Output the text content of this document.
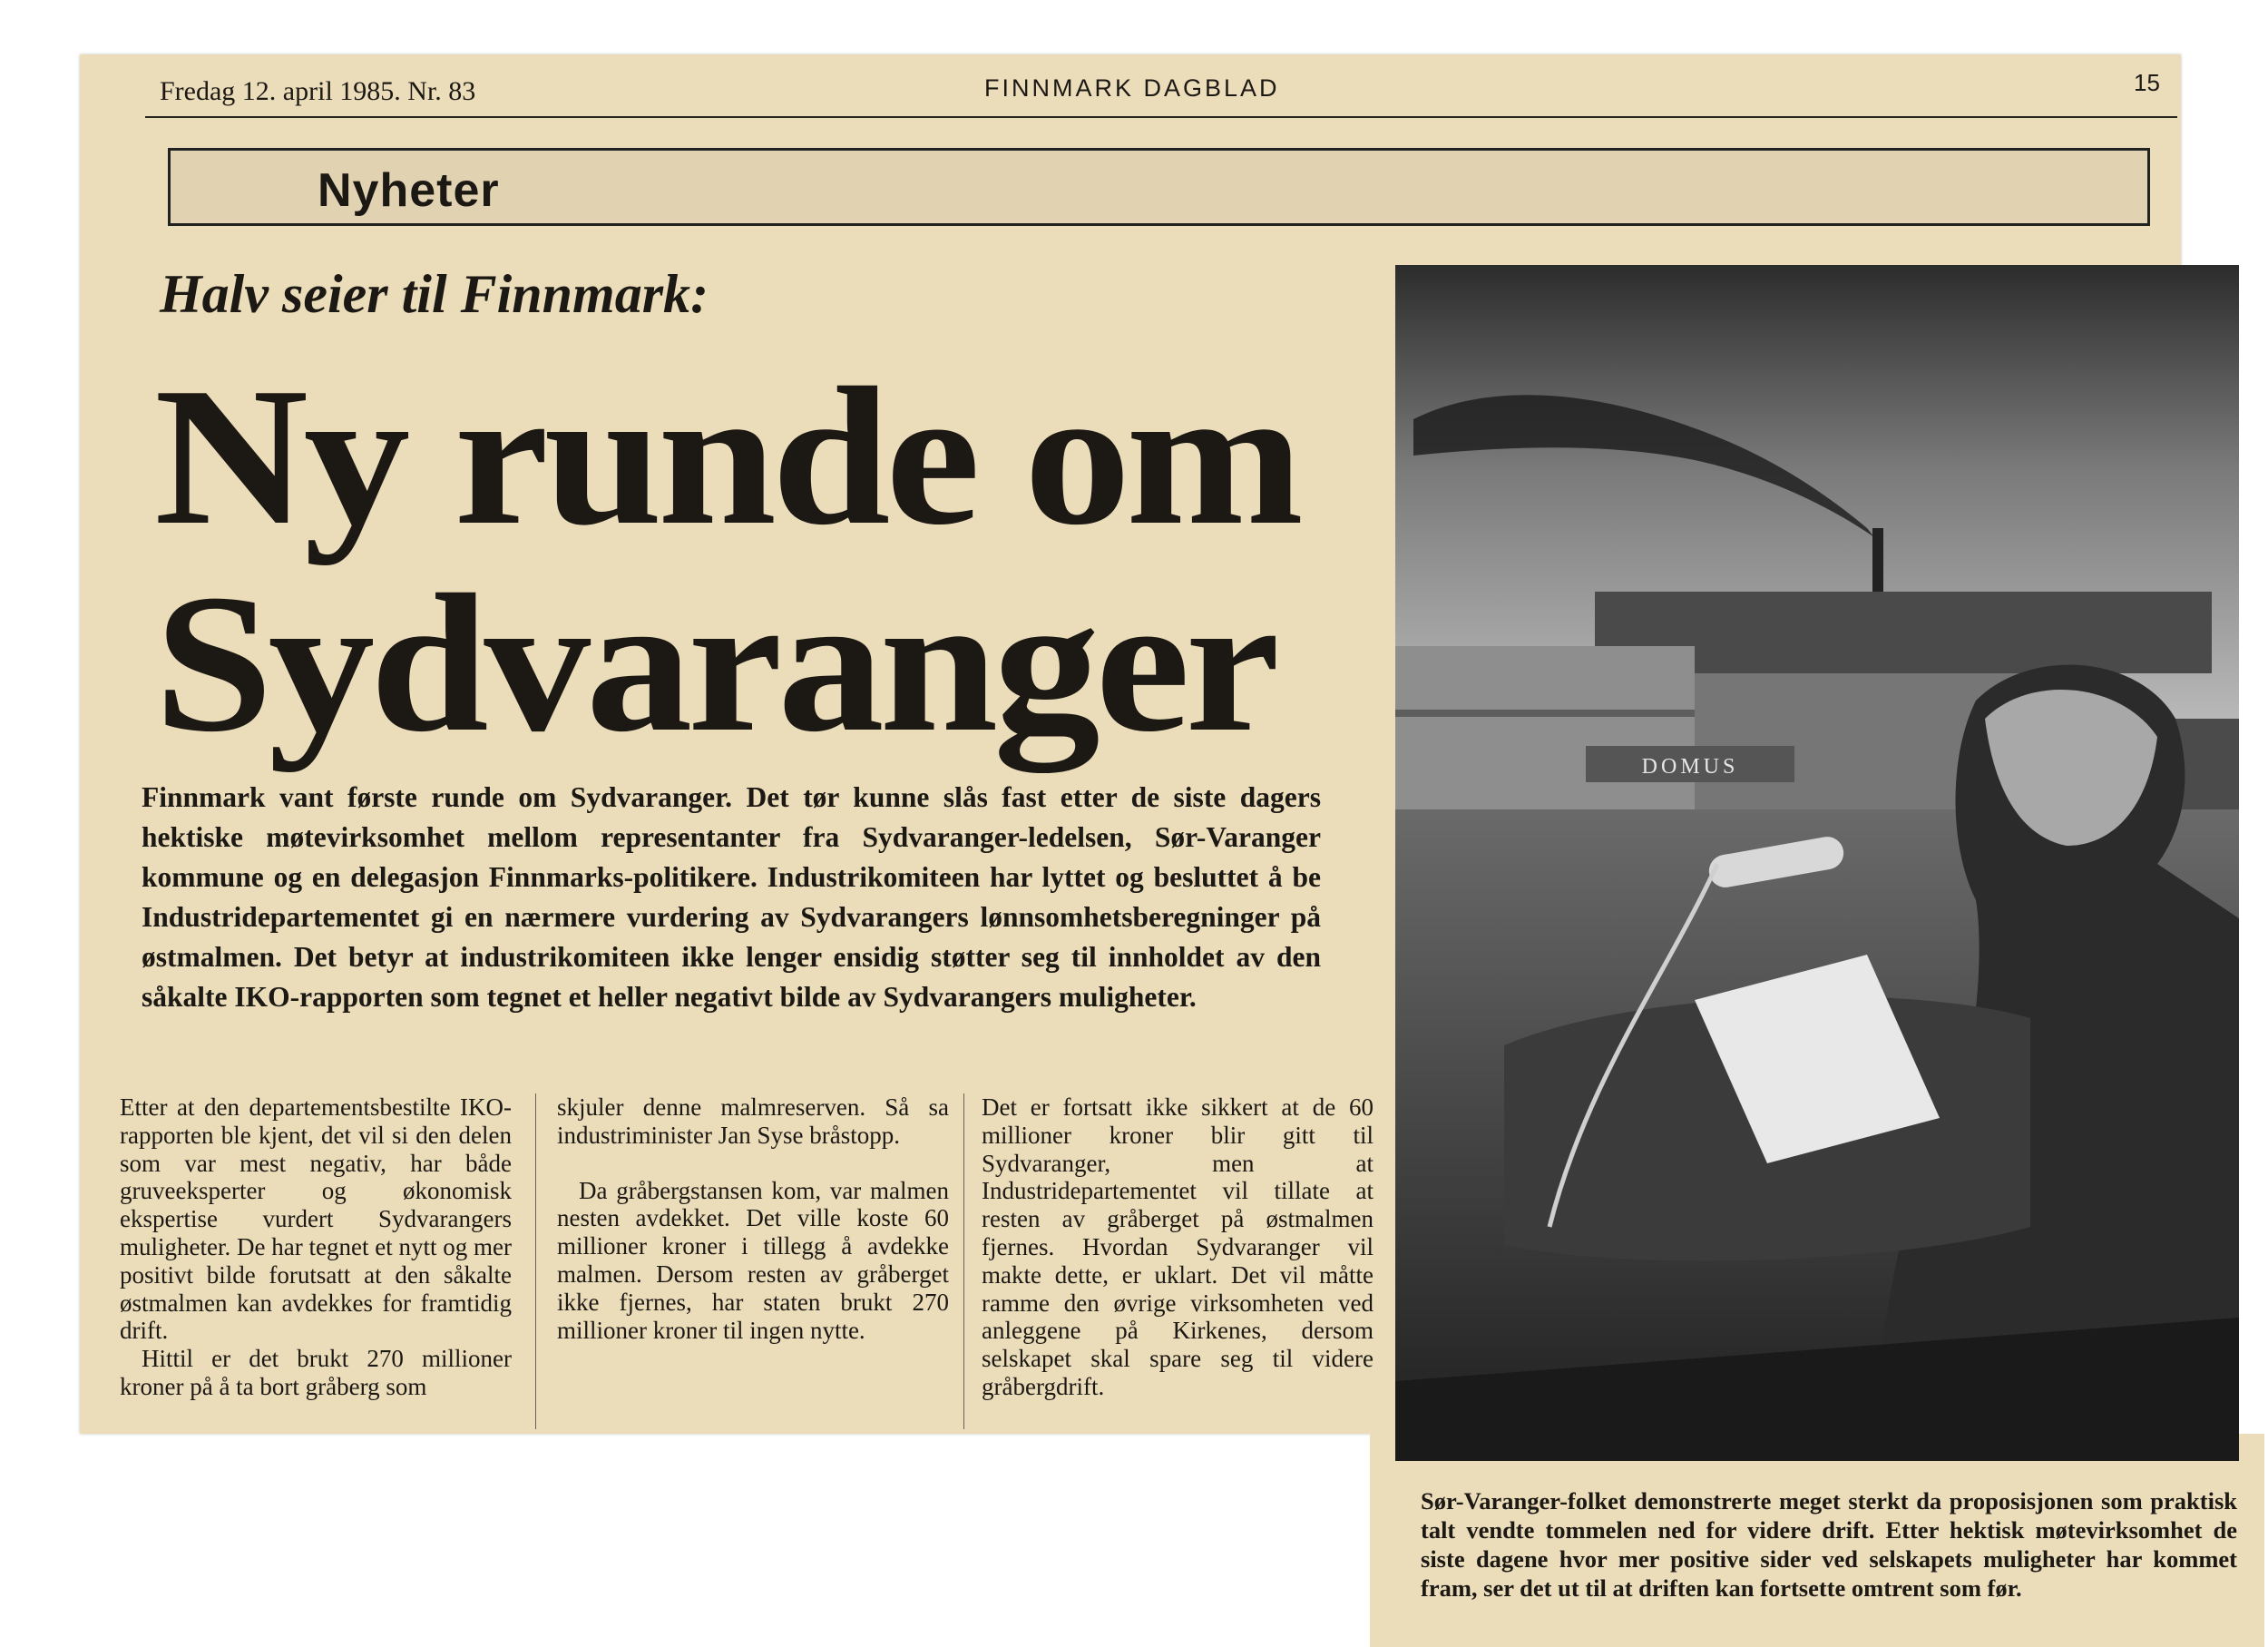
Fredag 12. april 1985. Nr. 83	FINNMARK DAGBLAD	15
Nyheter
Halv seier til Finnmark:
Ny runde om
Sydvaranger
Finnmark vant første runde om Sydvaranger. Det tør kunne slås fast etter de siste dagers hektiske møtevirksomhet mellom representanter fra Sydvaranger-ledelsen, Sør-Varanger kommune og en delegasjon Finnmarks-politikere. Industrikomiteen har lyttet og besluttet å be Industridepartementet gi en nærmere vurdering av Sydvarangers lønnsomhetsberegninger på østmalmen. Det betyr at industrikomiteen ikke lenger ensidig støtter seg til innholdet av den såkalte IKO-rapporten som tegnet et heller negativt bilde av Sydvarangers muligheter.

Etter at den departementsbestilte IKO-rapporten ble kjent, det vil si den delen som var mest negativ, har både gruveeksperter og økonomisk ekspertise vurdert Sydvarangers muligheter. De har tegnet et nytt og mer positivt bilde forutsatt at den såkalte østmalmen kan avdekkes for framtidig drift.

Hittil er det brukt 270 millioner kroner på å ta bort gråberg som

skjuler denne malmreserven. Så sa industriminister Jan Syse bråstopp.

Da gråbergstansen kom, var malmen nesten avdekket. Det ville koste 60 millioner kroner i tillegg å avdekke malmen. Dersom resten av gråberget ikke fjernes, har staten brukt 270 millioner kroner til ingen nytte.

Det er fortsatt ikke sikkert at de 60 millioner kroner blir gitt til Sydvaranger, men at Industridepartementet vil tillate at resten av gråberget på østmalmen fjernes. Hvordan Sydvaranger vil makte dette, er uklart. Det vil måtte ramme den øvrige virksomheten ved anleggene på Kirkenes, dersom selskapet skal spare seg til videre gråbergdrift.

DOMUS
Sør-Varanger-folket demonstrerte meget sterkt da proposisjonen som praktisk talt vendte tommelen ned for videre drift. Etter hektisk møtevirksomhet de siste dagene hvor mer positive sider ved selskapets muligheter har kommet fram, ser det ut til at driften kan fortsette omtrent som før.
